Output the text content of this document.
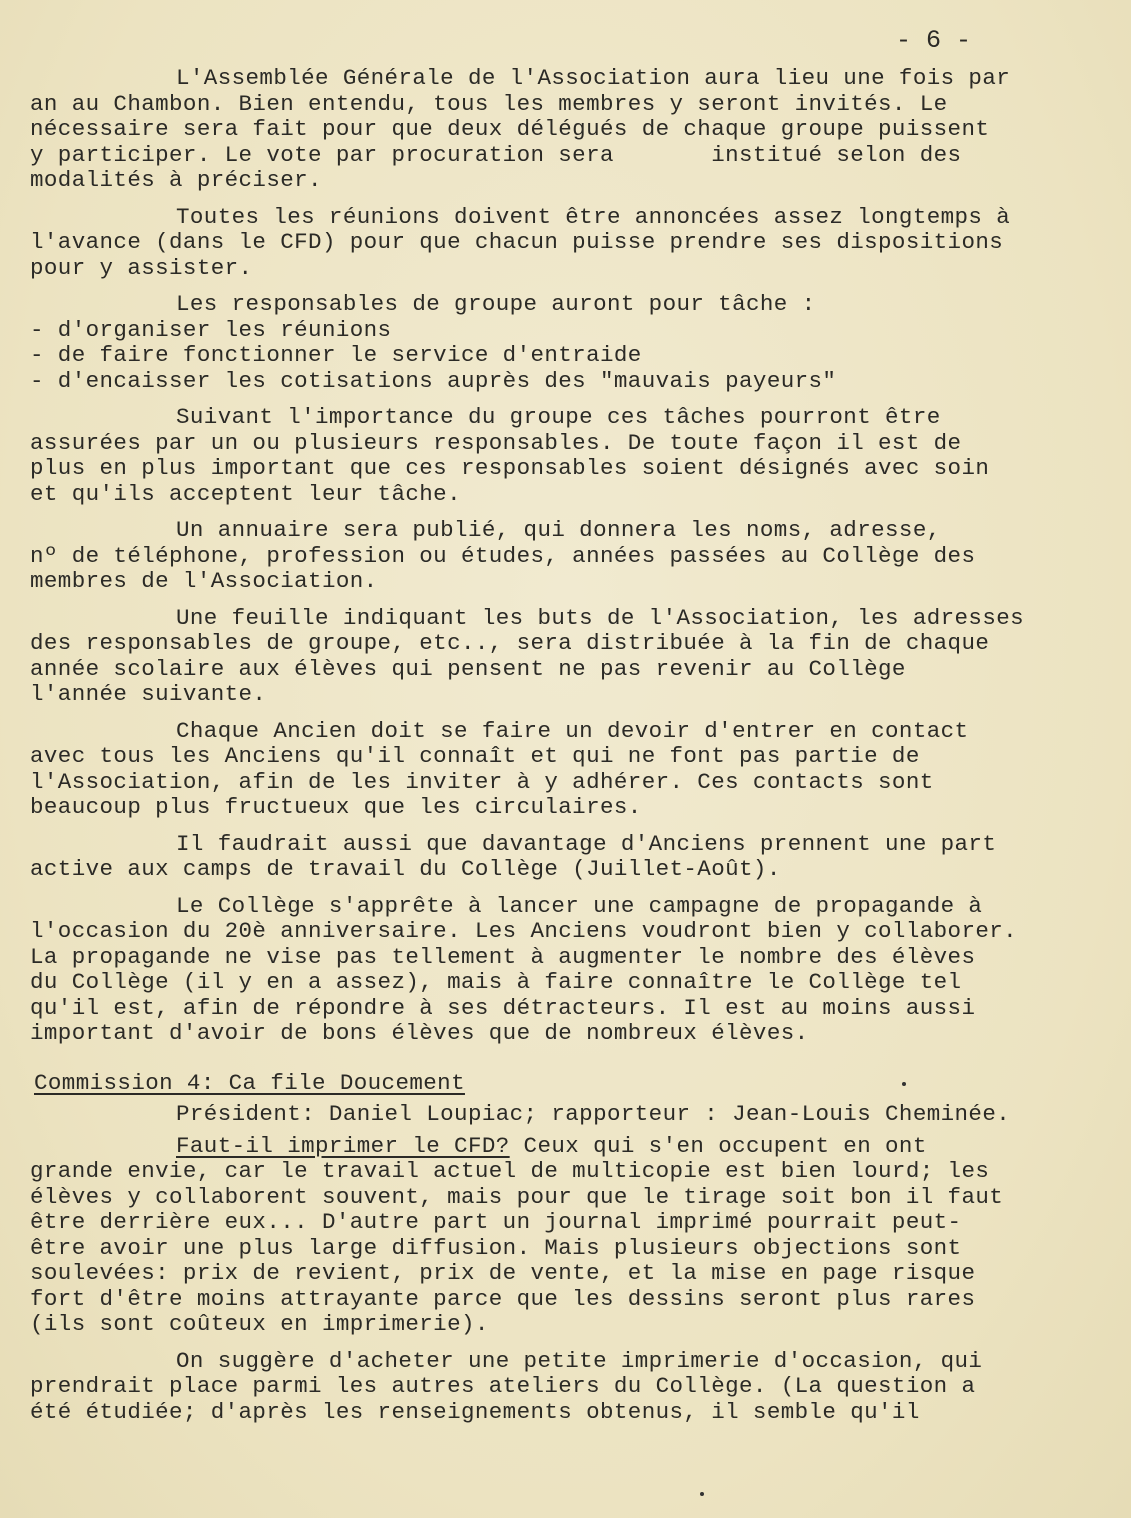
- 6 -
L'Assemblée Générale de l'Association aura lieu une fois par
an au Chambon. Bien entendu, tous les membres y seront invités. Le
nécessaire sera fait pour que deux délégués de chaque groupe puissent
y participer. Le vote par procuration sera       institué selon des
modalités à préciser.
Toutes les réunions doivent être annoncées assez longtemps à
l'avance (dans le CFD) pour que chacun puisse prendre ses dispositions
pour y assister.
Les responsables de groupe auront pour tâche :
- d'organiser les réunions
- de faire fonctionner le service d'entraide
- d'encaisser les cotisations auprès des "mauvais payeurs"
Suivant l'importance du groupe ces tâches pourront être
assurées par un ou plusieurs responsables. De toute façon il est de
plus en plus important que ces responsables soient désignés avec soin
et qu'ils acceptent leur tâche.
Un annuaire sera publié, qui donnera les noms, adresse,
nº de téléphone, profession ou études, années passées au Collège des
membres de l'Association.
Une feuille indiquant les buts de l'Association, les adresses
des responsables de groupe, etc.., sera distribuée à la fin de chaque
année scolaire aux élèves qui pensent ne pas revenir au Collège
l'année suivante.
Chaque Ancien doit se faire un devoir d'entrer en contact
avec tous les Anciens qu'il connaît et qui ne font pas partie de
l'Association, afin de les inviter à y adhérer. Ces contacts sont
beaucoup plus fructueux que les circulaires.
Il faudrait aussi que davantage d'Anciens prennent une part
active aux camps de travail du Collège (Juillet-Août).
Le Collège s'apprête à lancer une campagne de propagande à
l'occasion du 20è anniversaire. Les Anciens voudront bien y collaborer.
La propagande ne vise pas tellement à augmenter le nombre des élèves
du Collège (il y en a assez), mais à faire connaître le Collège tel
qu'il est, afin de répondre à ses détracteurs. Il est au moins aussi
important d'avoir de bons élèves que de nombreux élèves.
Commission 4: Ca file Doucement
Président: Daniel Loupiac; rapporteur : Jean-Louis Cheminée.
Faut-il imprimer le CFD? Ceux qui s'en occupent en ont
grande envie, car le travail actuel de multicopie est bien lourd; les
élèves y collaborent souvent, mais pour que le tirage soit bon il faut
être derrière eux... D'autre part un journal imprimé pourrait peut-
être avoir une plus large diffusion. Mais plusieurs objections sont
soulevées: prix de revient, prix de vente, et la mise en page risque
fort d'être moins attrayante parce que les dessins seront plus rares
(ils sont coûteux en imprimerie).
On suggère d'acheter une petite imprimerie d'occasion, qui
prendrait place parmi les autres ateliers du Collège. (La question a
été étudiée; d'après les renseignements obtenus, il semble qu'il
